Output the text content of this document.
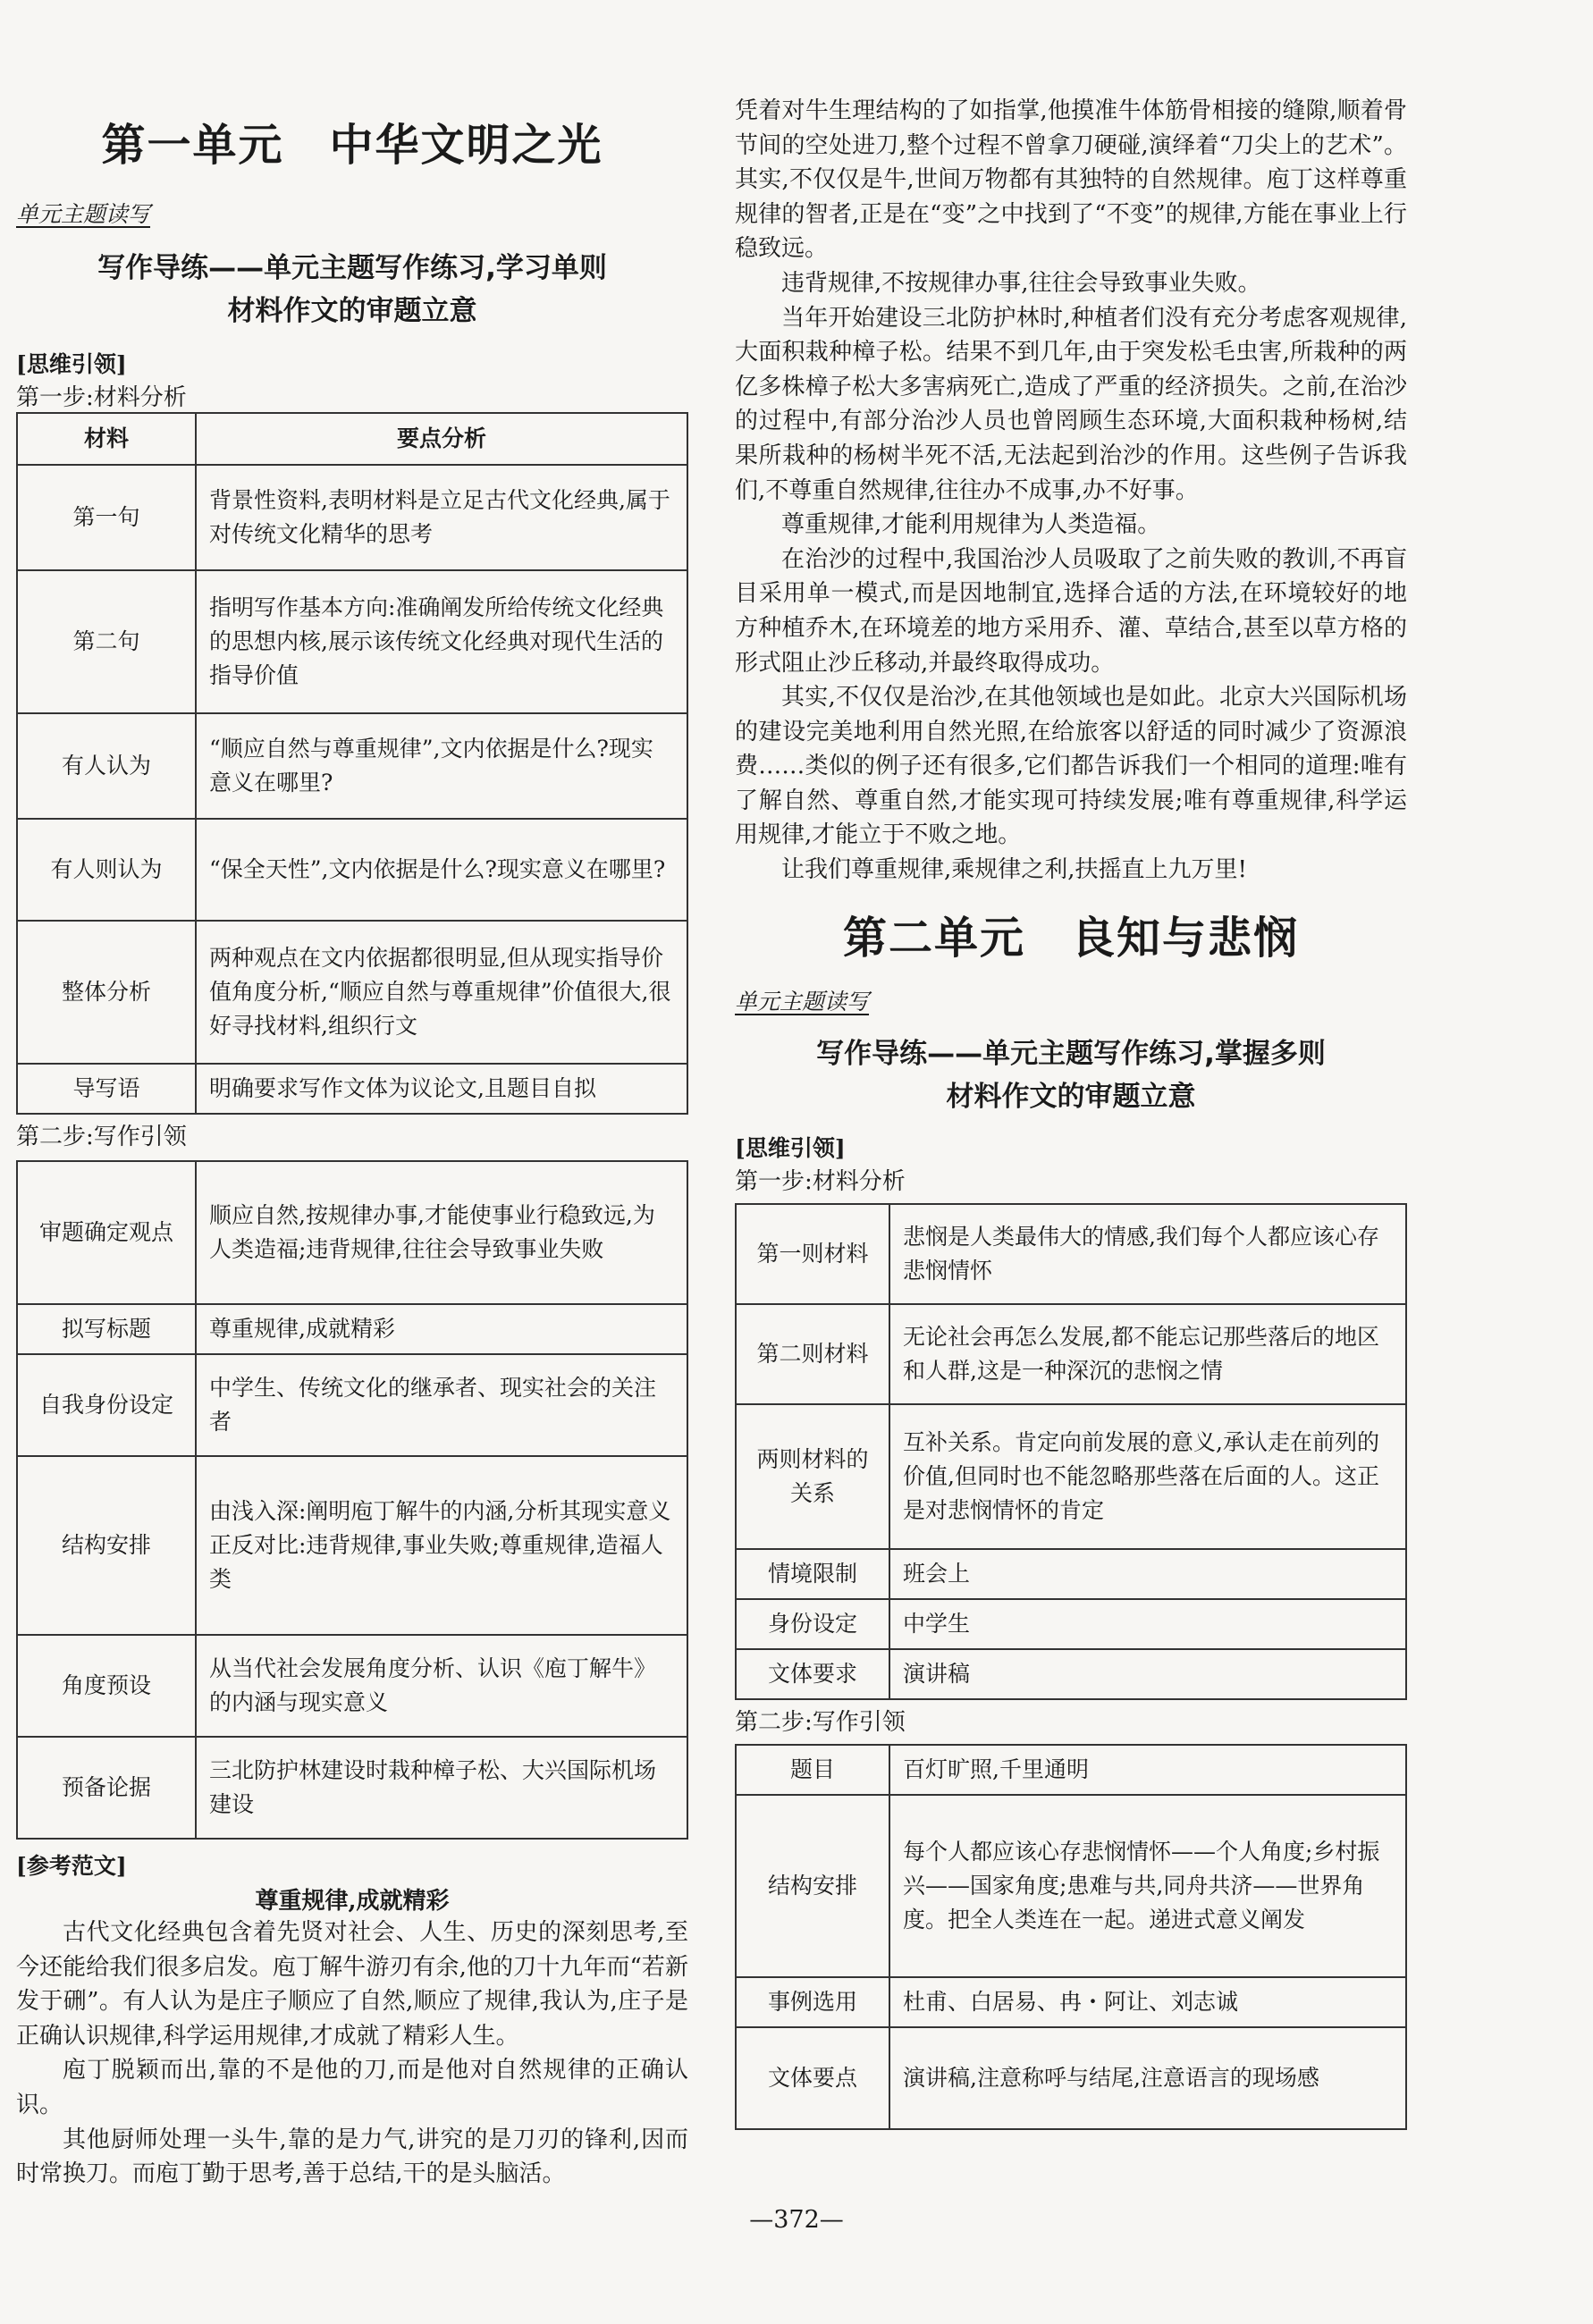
第一单元　中华文明之光

单元主题读写

写作导练——单元主题写作练习,学习单则

材料作文的审题立意

[思维引领]

第一步:材料分析

材料	要点分析
第一句	背景性资料,表明材料是立足古代文化经典,属于对传统文化精华的思考
第二句	指明写作基本方向:准确阐发所给传统文化经典的思想内核,展示该传统文化经典对现代生活的指导价值
有人认为	“顺应自然与尊重规律”,文内依据是什么?现实意义在哪里?
有人则认为	“保全天性”,文内依据是什么?现实意义在哪里?
整体分析	两种观点在文内依据都很明显,但从现实指导价值角度分析,“顺应自然与尊重规律”价值很大,很好寻找材料,组织行文
导写语	明确要求写作文体为议论文,且题目自拟

第二步:写作引领

审题确定观点	顺应自然,按规律办事,才能使事业行稳致远,为人类造福;违背规律,往往会导致事业失败
拟写标题	尊重规律,成就精彩
自我身份设定	中学生、传统文化的继承者、现实社会的关注者
结构安排	由浅入深:阐明庖丁解牛的内涵,分析其现实意义
正反对比:违背规律,事业失败;尊重规律,造福人类

角度预设	从当代社会发展角度分析、认识《庖丁解牛》的内涵与现实意义
预备论据	三北防护林建设时栽种樟子松、大兴国际机场建设

[参考范文]

尊重规律,成就精彩

古代文化经典包含着先贤对社会、人生、历史的深刻思考,至今还能给我们很多启发。庖丁解牛游刃有余,他的刀十九年而“若新发于硎”。有人认为是庄子顺应了自然,顺应了规律,我认为,庄子是正确认识规律,科学运用规律,才成就了精彩人生。

庖丁脱颖而出,靠的不是他的刀,而是他对自然规律的正确认识。

其他厨师处理一头牛,靠的是力气,讲究的是刀刃的锋利,因而时常换刀。而庖丁勤于思考,善于总结,干的是头脑活。

凭着对牛生理结构的了如指掌,他摸准牛体筋骨相接的缝隙,顺着骨节间的空处进刀,整个过程不曾拿刀硬碰,演绎着“刀尖上的艺术”。其实,不仅仅是牛,世间万物都有其独特的自然规律。庖丁这样尊重规律的智者,正是在“变”之中找到了“不变”的规律,方能在事业上行稳致远。

违背规律,不按规律办事,往往会导致事业失败。

当年开始建设三北防护林时,种植者们没有充分考虑客观规律,大面积栽种樟子松。结果不到几年,由于突发松毛虫害,所栽种的两亿多株樟子松大多害病死亡,造成了严重的经济损失。之前,在治沙的过程中,有部分治沙人员也曾罔顾生态环境,大面积栽种杨树,结果所栽种的杨树半死不活,无法起到治沙的作用。这些例子告诉我们,不尊重自然规律,往往办不成事,办不好事。

尊重规律,才能利用规律为人类造福。

在治沙的过程中,我国治沙人员吸取了之前失败的教训,不再盲目采用单一模式,而是因地制宜,选择合适的方法,在环境较好的地方种植乔木,在环境差的地方采用乔、灌、草结合,甚至以草方格的形式阻止沙丘移动,并最终取得成功。

其实,不仅仅是治沙,在其他领域也是如此。北京大兴国际机场的建设完美地利用自然光照,在给旅客以舒适的同时减少了资源浪费……类似的例子还有很多,它们都告诉我们一个相同的道理:唯有了解自然、尊重自然,才能实现可持续发展;唯有尊重规律,科学运用规律,才能立于不败之地。

让我们尊重规律,乘规律之利,扶摇直上九万里!

第二单元　良知与悲悯

单元主题读写

写作导练——单元主题写作练习,掌握多则

材料作文的审题立意

[思维引领]

第一步:材料分析

第一则材料	悲悯是人类最伟大的情感,我们每个人都应该心存悲悯情怀
第二则材料	无论社会再怎么发展,都不能忘记那些落后的地区和人群,这是一种深沉的悲悯之情
两则材料的关系	互补关系。肯定向前发展的意义,承认走在前列的价值,但同时也不能忽略那些落在后面的人。这正是对悲悯情怀的肯定
情境限制	班会上
身份设定	中学生
文体要求	演讲稿

第二步:写作引领

题目	百灯旷照,千里通明
结构安排	每个人都应该心存悲悯情怀——个人角度;乡村振兴——国家角度;患难与共,同舟共济——世界角度。把全人类连在一起。递进式意义阐发
事例选用	杜甫、白居易、冉・阿让、刘志诚
文体要点	演讲稿,注意称呼与结尾,注意语言的现场感
—372—
